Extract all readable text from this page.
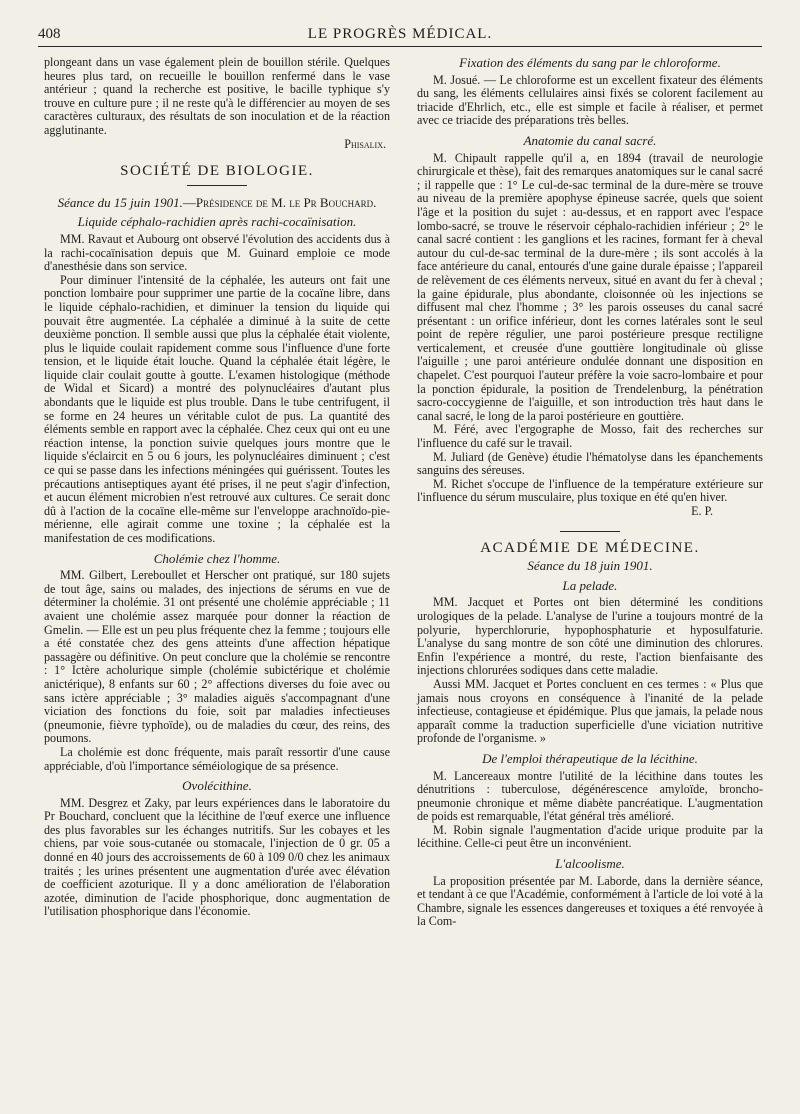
408	LE PROGRÈS MÉDICAL.

plongeant dans un vase également plein de bouillon stérile. Quelques heures plus tard, on recueille le bouillon renfermé dans le vase antérieur ; quand la recherche est positive, le bacille typhique s'y trouve en culture pure ; il ne reste qu'à le différencier au moyen de ses caractères culturaux, des résultats de son inoculation et de la réaction agglutinante.

Phisalix.

SOCIÉTÉ DE BIOLOGIE.
Séance du 15 juin 1901.—Présidence de M. le Pr Bouchard.
Liquide céphalo-rachidien après rachi-cocaïnisation.

MM. Ravaut et Aubourg ont observé l'évolution des accidents dus à la rachi-cocaïnisation depuis que M. Guinard emploie ce mode d'anesthésie dans son service.

Pour diminuer l'intensité de la céphalée, les auteurs ont fait une ponction lombaire pour supprimer une partie de la cocaïne libre, dans le liquide céphalo-rachidien, et diminuer la tension du liquide qui pouvait être augmentée. La céphalée a diminué à la suite de cette deuxième ponction. Il semble aussi que plus la céphalée était violente, plus le liquide coulait rapidement comme sous l'influence d'une forte tension, et le liquide était louche. Quand la céphalée était légère, le liquide clair coulait goutte à goutte. L'examen histologique (méthode de Widal et Sicard) a montré des polynucléaires d'autant plus abondants que le liquide est plus trouble. Dans le tube centrifugent, il se forme en 24 heures un véritable culot de pus. La quantité des éléments semble en rapport avec la céphalée. Chez ceux qui ont eu une réaction intense, la ponction suivie quelques jours montre que le liquide s'éclaircit en 5 ou 6 jours, les polynucléaires diminuent ; c'est ce qui se passe dans les infections méningées qui guérissent. Toutes les précautions antiseptiques ayant été prises, il ne peut s'agir d'infection, et aucun élément microbien n'est retrouvé aux cultures. Ce serait donc dû à l'action de la cocaïne elle-même sur l'enveloppe arachnoïdo-pie-mérienne, elle agirait comme une toxine ; la céphalée est la manifestation de ces modifications.

Cholémie chez l'homme.

MM. Gilbert, Lereboullet et Herscher ont pratiqué, sur 180 sujets de tout âge, sains ou malades, des injections de sérums en vue de déterminer la cholémie. 31 ont présenté une cholémie appréciable ; 11 avaient une cholémie assez marquée pour donner la réaction de Gmelin. — Elle est un peu plus fréquente chez la femme ; toujours elle a été constatée chez des gens atteints d'une affection hépatique passagère ou définitive. On peut conclure que la cholémie se rencontre : 1° Ictère acholurique simple (cholémie subictérique et cholémie anictérique), 8 enfants sur 60 ; 2° affections diverses du foie avec ou sans ictère appréciable ; 3° maladies aiguës s'accompagnant d'une viciation des fonctions du foie, soit par maladies infectieuses (pneumonie, fièvre typhoïde), ou de maladies du cœur, des reins, des poumons.

La cholémie est donc fréquente, mais paraît ressortir d'une cause appréciable, d'où l'importance séméiologique de sa présence.

Ovolécithine.

MM. Desgrez et Zaky, par leurs expériences dans le laboratoire du Pr Bouchard, concluent que la lécithine de l'œuf exerce une influence des plus favorables sur les échanges nutritifs. Sur les cobayes et les chiens, par voie sous-cutanée ou stomacale, l'injection de 0 gr. 05 a donné en 40 jours des accroissements de 60 à 109 0/0 chez les animaux traités ; les urines présentent une augmentation d'urée avec élévation de coefficient azoturique. Il y a donc amélioration de l'élaboration azotée, diminution de l'acide phosphorique, donc augmentation de l'utilisation phosphorique dans l'économie.

Fixation des éléments du sang par le chloroforme.

M. Josué. — Le chloroforme est un excellent fixateur des éléments du sang, les éléments cellulaires ainsi fixés se colorent facilement au triacide d'Ehrlich, etc., elle est simple et facile à réaliser, et permet avec ce triacide des préparations très belles.

Anatomie du canal sacré.

M. Chipault rappelle qu'il a, en 1894 (travail de neurologie chirurgicale et thèse), fait des remarques anatomiques sur le canal sacré ; il rappelle que : 1° Le cul-de-sac terminal de la dure-mère se trouve au niveau de la première apophyse épineuse sacrée, quels que soient l'âge et la position du sujet : au-dessus, et en rapport avec l'espace lombo-sacré, se trouve le réservoir céphalo-rachidien inférieur ; 2° le canal sacré contient : les ganglions et les racines, formant fer à cheval autour du cul-de-sac terminal de la dure-mère ; ils sont accolés à la face antérieure du canal, entourés d'une gaine durale épaisse ; l'appareil de relèvement de ces éléments nerveux, situé en avant du fer à cheval ; la gaine épidurale, plus abondante, cloisonnée où les injections se diffusent mal chez l'homme ; 3° les parois osseuses du canal sacré présentant : un orifice inférieur, dont les cornes latérales sont le seul point de repère régulier, une paroi postérieure presque rectiligne verticalement, et creusée d'une gouttière longitudinale où glisse l'aiguille ; une paroi antérieure ondulée donnant une disposition en chapelet. C'est pourquoi l'auteur préfère la voie sacro-lombaire et pour la ponction épidurale, la position de Trendelenburg, la pénétration sacro-coccygienne de l'aiguille, et son introduction très haut dans le canal sacré, le long de la paroi postérieure en gouttière.

M. Féré, avec l'ergographe de Mosso, fait des recherches sur l'influence du café sur le travail.

M. Juliard (de Genève) étudie l'hématolyse dans les épanchements sanguins des séreuses.

M. Richet s'occupe de l'influence de la température extérieure sur l'influence du sérum musculaire, plus toxique en été qu'en hiver.

E. P.

ACADÉMIE DE MÉDECINE.
Séance du 18 juin 1901.
La pelade.

MM. Jacquet et Portes ont bien déterminé les conditions urologiques de la pelade. L'analyse de l'urine a toujours montré de la polyurie, hyperchlorurie, hypophosphaturie et hyposulfaturie. L'analyse du sang montre de son côté une diminution des chlorures. Enfin l'expérience a montré, du reste, l'action bienfaisante des injections chlorurées sodiques dans cette maladie.

Aussi MM. Jacquet et Portes concluent en ces termes : « Plus que jamais nous croyons en conséquence à l'inanité de la pelade infectieuse, contagieuse et épidémique. Plus que jamais, la pelade nous apparaît comme la traduction superficielle d'une viciation nutritive profonde de l'organisme. »

De l'emploi thérapeutique de la lécithine.

M. Lancereaux montre l'utilité de la lécithine dans toutes les dénutritions : tuberculose, dégénérescence amyloïde, broncho-pneumonie chronique et même diabète pancréatique. L'augmentation de poids est remarquable, l'état général très amélioré.

M. Robin signale l'augmentation d'acide urique produite par la lécithine. Celle-ci peut être un inconvénient.

L'alcoolisme.

La proposition présentée par M. Laborde, dans la dernière séance, et tendant à ce que l'Académie, conformément à l'article de loi voté à la Chambre, signale les essences dangereuses et toxiques a été renvoyée à la Com-
